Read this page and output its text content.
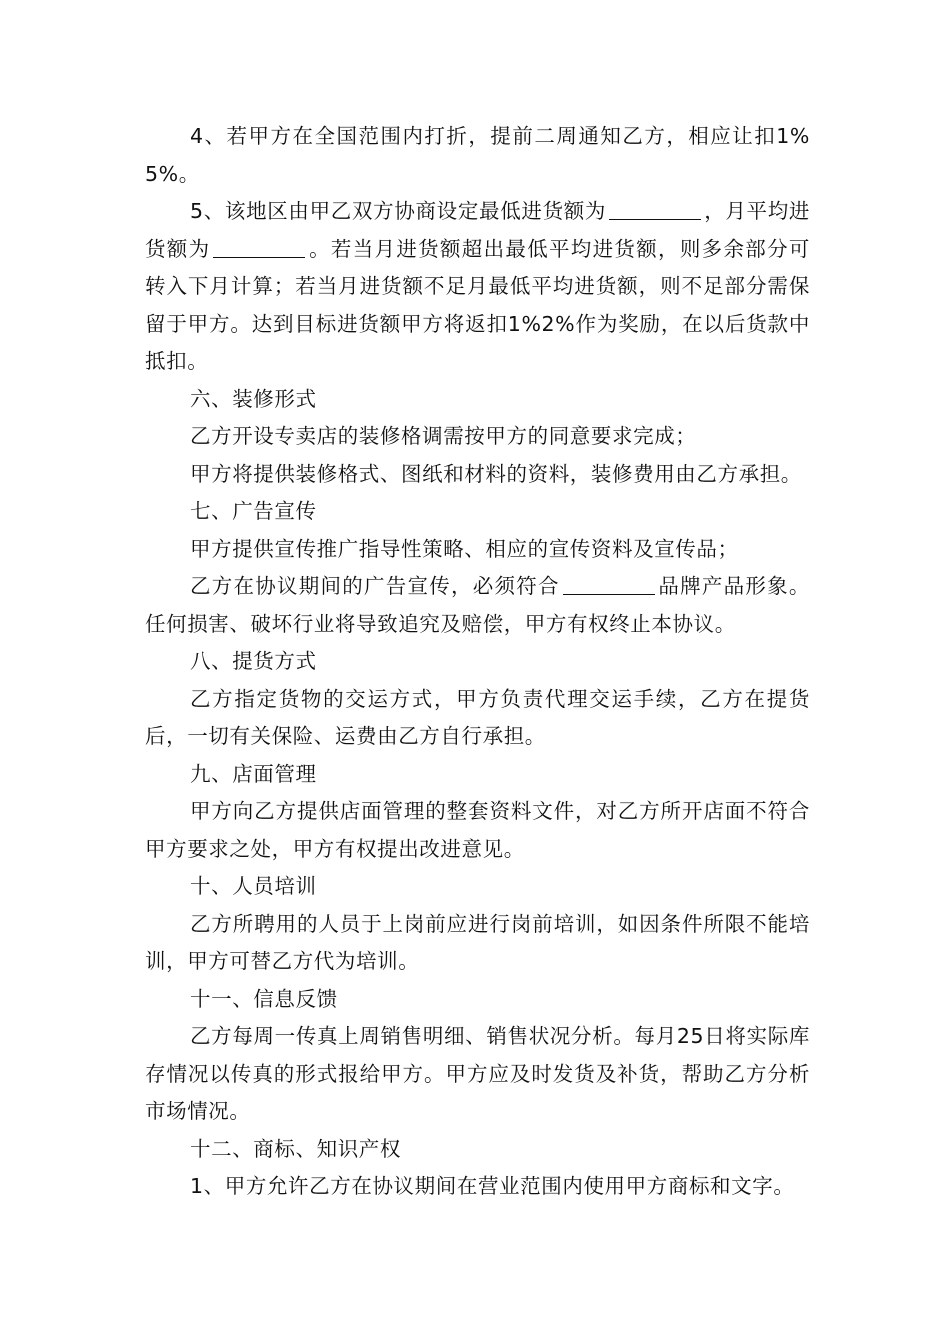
4、若甲方在全国范围内打折，提前二周通知乙方，相应让扣1%5%。

5、该地区由甲乙双方协商设定最低进货额为	，月平均进货额为	。若当月进货额超出最低平均进货额，则多余部分可转入下月计算；若当月进货额不足月最低平均进货额，则不足部分需保留于甲方。达到目标进货额甲方将返扣1%2%作为奖励，在以后货款中抵扣。

六、装修形式

乙方开设专卖店的装修格调需按甲方的同意要求完成；

甲方将提供装修格式、图纸和材料的资料，装修费用由乙方承担。

七、广告宣传

甲方提供宣传推广指导性策略、相应的宣传资料及宣传品；

乙方在协议期间的广告宣传，必须符合	品牌产品形象。任何损害、破坏行业将导致追究及赔偿，甲方有权终止本协议。

八、提货方式

乙方指定货物的交运方式，甲方负责代理交运手续，乙方在提货后，一切有关保险、运费由乙方自行承担。

九、店面管理

甲方向乙方提供店面管理的整套资料文件，对乙方所开店面不符合甲方要求之处，甲方有权提出改进意见。

十、人员培训

乙方所聘用的人员于上岗前应进行岗前培训，如因条件所限不能培训，甲方可替乙方代为培训。

十一、信息反馈

乙方每周一传真上周销售明细、销售状况分析。每月25日将实际库存情况以传真的形式报给甲方。甲方应及时发货及补货，帮助乙方分析市场情况。

十二、商标、知识产权

1、甲方允许乙方在协议期间在营业范围内使用甲方商标和文字。
